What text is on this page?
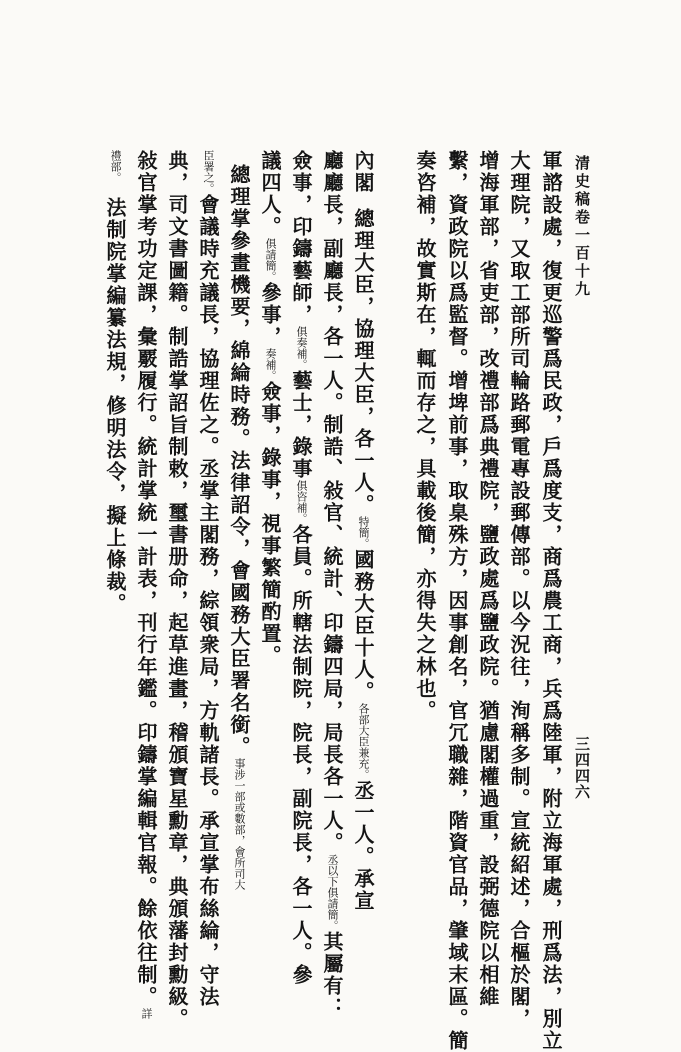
清史稿卷一百十九
三四四六
軍諮設處，復更巡警爲民政，戶爲度支，商爲農工商，兵爲陸軍，附立海軍處，刑爲法，別立
大理院，又取工部所司輪路郵電專設郵傳部。以今況往，洵稱多制。宣統紹述，合樞於閣，
增海軍部，省吏部，改禮部爲典禮院，鹽政處爲鹽政院。猶慮閣權過重，設弼德院以相維
繫，資政院以爲監督。增埤前事，取臬殊方，因事創名，官冗職雜，階資官品，肇域末區。簡
奏咨補，故實斯在，輒而存之，具載後簡，亦得失之林也。
內閣總理大臣，協理大臣，各一人。特簡。國務大臣十人。各部大臣兼充。丞一人。承宣
廳廳長，副廳長，各一人。制誥、敍官、統計、印鑄四局，局長各一人。丞以下俱請簡。其屬有：
僉事，印鑄藝師，俱奏補。藝士，錄事俱咨補。各員。所轄法制院，院長，副院長，各一人。參
議四人。俱請簡。參事，奏補。僉事，錄事，視事繁簡酌置。
總理掌參畫機要，綿綸時務。法律詔令，會國務大臣署名銜。事涉一部或數部，會所司大
臣署之。會議時充議長，協理佐之。丞掌主閣務，綜領衆局，方軌諸長。承宣掌布絲綸，守法
典，司文書圖籍。制誥掌詔旨制敕，璽書册命，起草進畫，稽頒寶星勳章，典頒藩封勳級。
敍官掌考功定課，彙覈履行。統計掌統一計表，刊行年鑑。印鑄掌編輯官報。餘依往制。詳
禮部。法制院掌編纂法規，修明法令，擬上條裁。
